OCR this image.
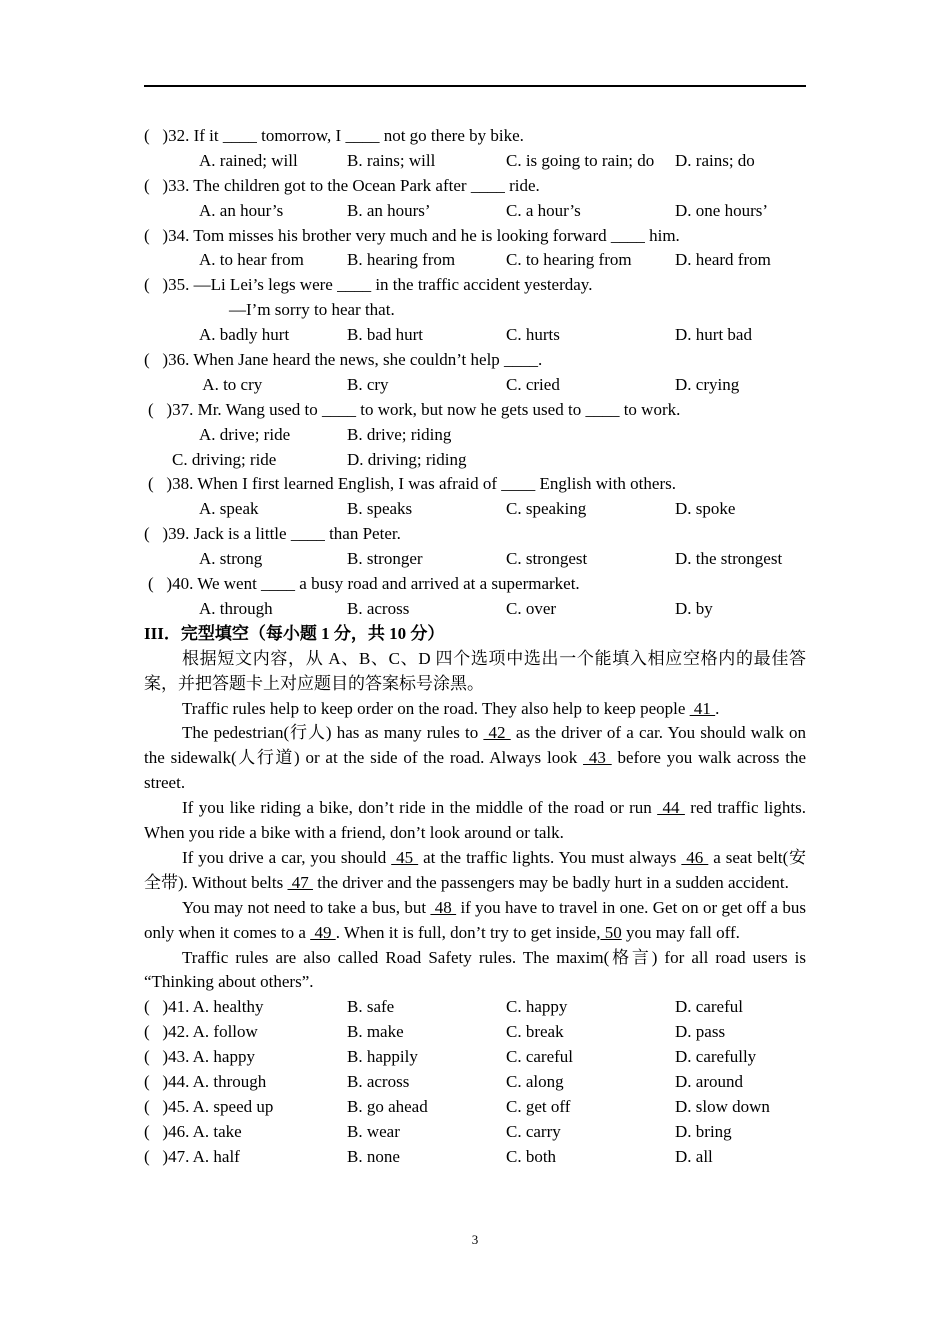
(   )32. If it ____ tomorrow, I ____ not go there by bike.
A. rained; will	B. rains; will	C. is going to rain; do D. rains; do
(   )33. The children got to the Ocean Park after ____ ride.
A. an hour’s	B. an hours’	C. a hour’s	D. one hours’
(   )34. Tom misses his brother very much and he is looking forward ____ him.
A. to hear from	B. hearing from	C. to hearing from	D. heard from
(   )35. —Li Lei’s legs were ____ in the traffic accident yesterday.
—I’m sorry to hear that.
A. badly hurt	B. bad hurt	C. hurts	D. hurt bad
(   )36. When Jane heard the news, she couldn’t help ____.
A. to cry	B. cry	C. cried	D. crying
(   )37. Mr. Wang used to ____ to work, but now he gets used to ____ to work.
A. drive; ride	B. drive; riding
C. driving; ride	D. driving; riding
(   )38. When I first learned English, I was afraid of ____ English with others.
A. speak	B. speaks	C. speaking	D. spoke
(   )39. Jack is a little ____ than Peter.
A. strong	B. stronger	C. strongest	D. the strongest
(   )40. We went ____ a busy road and arrived at a supermarket.
A. through	B. across	C. over	D. by
III．完型填空（每小题 1 分，共 10 分）
根据短文内容，从 A、B、C、D 四个选项中选出一个能填入相应空格内的最佳答案，并把答题卡上对应题目的答案标号涂黑。
Traffic rules help to keep order on the road. They also help to keep people  41 .
The pedestrian(行人) has as many rules to  42  as the driver of a car. You should walk on the sidewalk(人行道) or at the side of the road. Always look  43  before you walk across the street.
If you like riding a bike, don’t ride in the middle of the road or run  44  red traffic lights. When you ride a bike with a friend, don’t look around or talk.
If you drive a car, you should  45  at the traffic lights. You must always  46  a seat belt(安全带). Without belts  47  the driver and the passengers may be badly hurt in a sudden accident.
You may not need to take a bus, but  48  if you have to travel in one. Get on or get off a bus only when it comes to a  49 . When it is full, don’t try to get inside, 50 you may fall off.
Traffic rules are also called Road Safety rules. The maxim(格言) for all road users is “Thinking about others”.
(   )41. A. healthy	B. safe	C. happy	D. careful
(   )42. A. follow	B. make	C. break	D. pass
(   )43. A. happy	B. happily	C. careful	D. carefully
(   )44. A. through	B. across	C. along	D. around
(   )45. A. speed up	B. go ahead	C. get off	D. slow down
(   )46. A. take	B. wear	C. carry	D. bring
(   )47. A. half	B. none	C. both	D. all
3
